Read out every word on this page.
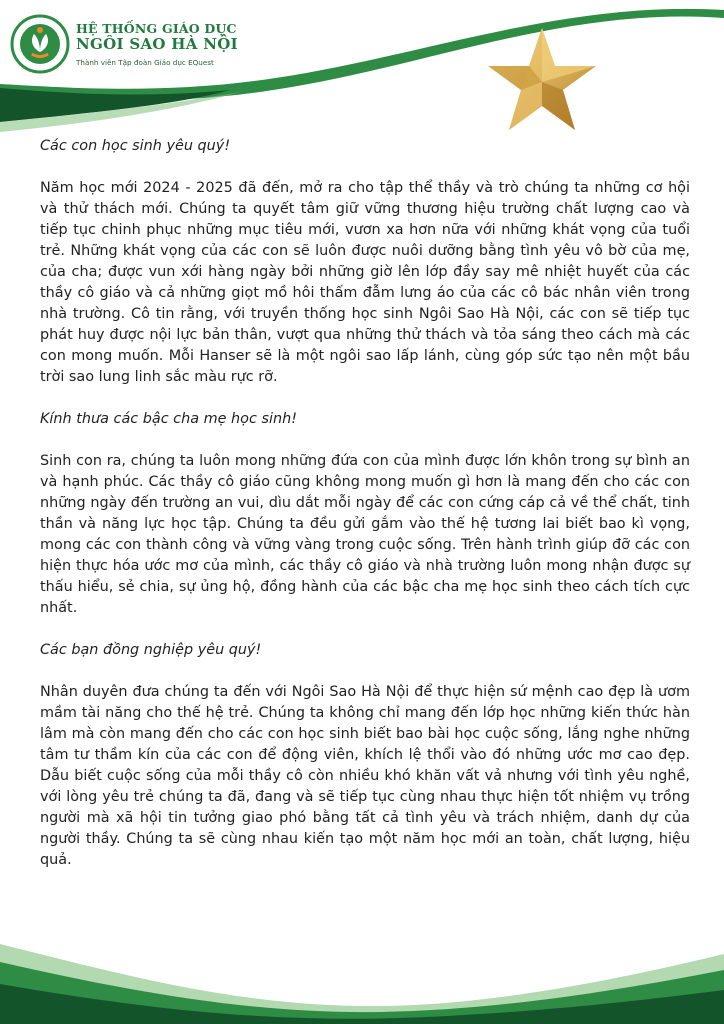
HỆ THỐNG GIÁO DỤC
NGÔI SAO HÀ NỘI
Thành viên Tập đoàn Giáo dục EQuest

Các con học sinh yêu quý!

Năm học mới 2024 - 2025 đã đến, mở ra cho tập thể thầy và trò chúng ta những cơ hội và thử thách mới. Chúng ta quyết tâm giữ vững thương hiệu trường chất lượng cao và tiếp tục chinh phục những mục tiêu mới, vươn xa hơn nữa với những khát vọng của tuổi trẻ. Những khát vọng của các con sẽ luôn được nuôi dưỡng bằng tình yêu vô bờ của mẹ, của cha; được vun xới hàng ngày bởi những giờ lên lớp đầy say mê nhiệt huyết của các thầy cô giáo và cả những giọt mồ hôi thấm đẫm lưng áo của các cô bác nhân viên trong nhà trường. Cô tin rằng, với truyền thống học sinh Ngôi Sao Hà Nội, các con sẽ tiếp tục phát huy được nội lực bản thân, vượt qua những thử thách và tỏa sáng theo cách mà các con mong muốn. Mỗi Hanser sẽ là một ngôi sao lấp lánh, cùng góp sức tạo nên một bầu trời sao lung linh sắc màu rực rỡ.

Kính thưa các bậc cha mẹ học sinh!

Sinh con ra, chúng ta luôn mong những đứa con của mình được lớn khôn trong sự bình an và hạnh phúc. Các thầy cô giáo cũng không mong muốn gì hơn là mang đến cho các con những ngày đến trường an vui, dìu dắt mỗi ngày để các con cứng cáp cả về thể chất, tinh thần và năng lực học tập. Chúng ta đều gửi gắm vào thế hệ tương lai biết bao kì vọng, mong các con thành công và vững vàng trong cuộc sống. Trên hành trình giúp đỡ các con hiện thực hóa ước mơ của mình, các thầy cô giáo và nhà trường luôn mong nhận được sự thấu hiểu, sẻ chia, sự ủng hộ, đồng hành của các bậc cha mẹ học sinh theo cách tích cực nhất.

Các bạn đồng nghiệp yêu quý!

Nhân duyên đưa chúng ta đến với Ngôi Sao Hà Nội để thực hiện sứ mệnh cao đẹp là ươm mầm tài năng cho thế hệ trẻ. Chúng ta không chỉ mang đến lớp học những kiến thức hàn lâm mà còn mang đến cho các con học sinh biết bao bài học cuộc sống, lắng nghe những tâm tư thầm kín của các con để động viên, khích lệ thổi vào đó những ước mơ cao đẹp. Dẫu biết cuộc sống của mỗi thầy cô còn nhiều khó khăn vất vả nhưng với tình yêu nghề, với lòng yêu trẻ chúng ta đã, đang và sẽ tiếp tục cùng nhau thực hiện tốt nhiệm vụ trồng người mà xã hội tin tưởng giao phó bằng tất cả tình yêu và trách nhiệm, danh dự của người thầy. Chúng ta sẽ cùng nhau kiến tạo một năm học mới an toàn, chất lượng, hiệu quả.
